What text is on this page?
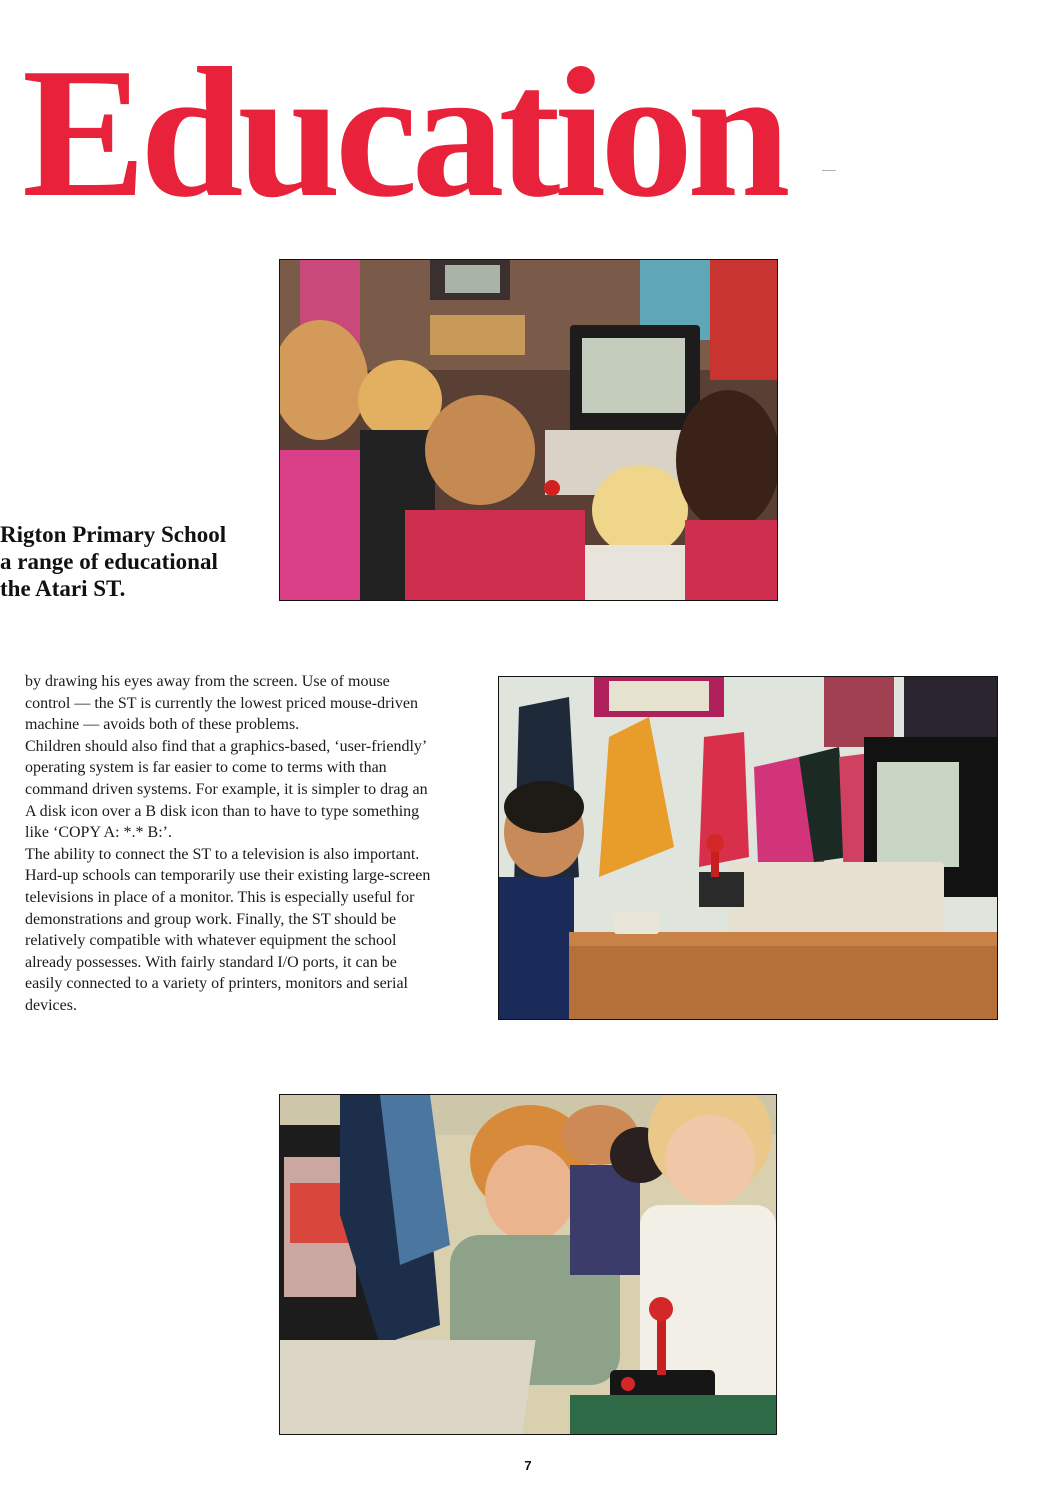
Education
Rigton Primary School
a range of educational
the Atari ST.

by drawing his eyes away from the screen. Use of mouse

control — the ST is currently the lowest priced mouse-driven

machine — avoids both of these problems.

Children should also find that a graphics-based, ‘user-friendly’

operating system is far easier to come to terms with than

command driven systems. For example, it is simpler to drag an

A disk icon over a B disk icon than to have to type something

like ‘COPY A: *.* B:’.

The ability to connect the ST to a television is also important.

Hard-up schools can temporarily use their existing large-screen

televisions in place of a monitor. This is especially useful for

demonstrations and group work. Finally, the ST should be

relatively compatible with whatever equipment the school

already possesses. With fairly standard I/O ports, it can be

easily connected to a variety of printers, monitors and serial

devices.

7
